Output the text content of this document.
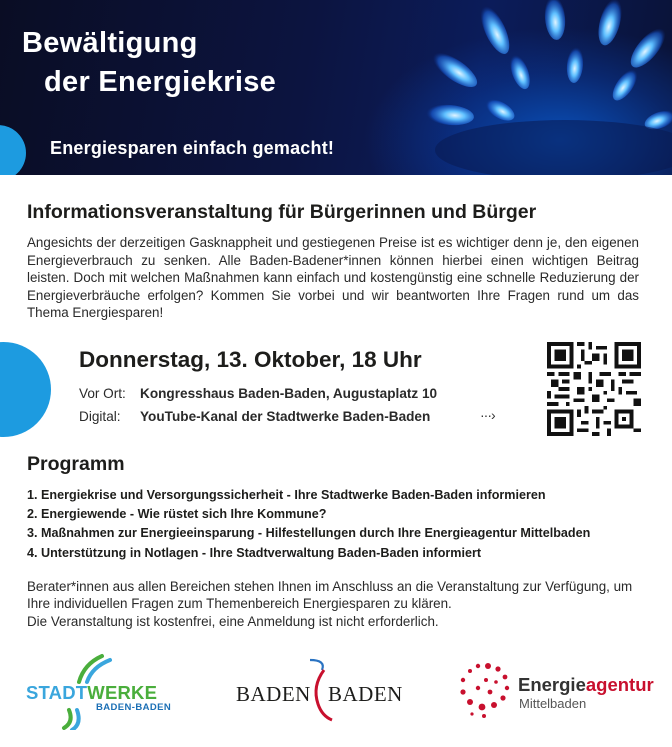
Bewältigung
der Energiekrise
Energiesparen einfach gemacht!
Informationsveranstaltung für Bürgerinnen und Bürger

Angesichts der derzeitigen Gasknappheit und gestiegenen Preise ist es wichtiger denn je, den eigenen Energieverbrauch zu senken. Alle Baden-Badener*innen können hierbei einen wichtigen Beitrag leisten. Doch mit welchen Maßnahmen kann einfach und kostengünstig eine schnelle Reduzierung der Energieverbräuche erfolgen? Kommen Sie vorbei und wir beantworten Ihre Fragen rund um das Thema Energiesparen!

Donnerstag, 13. Oktober, 18 Uhr
Vor Ort: Kongresshaus Baden-Baden, Augustaplatz 10
Digital: YouTube-Kanal der Stadtwerke Baden-Baden	···›
Programm
1. Energiekrise und Versorgungssicherheit - Ihre Stadtwerke Baden-Baden informieren
2. Energiewende - Wie rüstet sich Ihre Kommune?
3. Maßnahmen zur Energieeinsparung - Hilfestellungen durch Ihre Energieagentur Mittelbaden
4. Unterstützung in Notlagen - Ihre Stadtverwaltung Baden-Baden informiert

Berater*innen aus allen Bereichen stehen Ihnen im Anschluss an die Veranstaltung zur Verfügung, um Ihre individuellen Fragen zum Themenbereich Energiesparen zu klären.

Die Veranstaltung ist kostenfrei, eine Anmeldung ist nicht erforderlich.

STADTWERKE
BADEN-BADEN
BADEN BADEN	Energieagentur
Mittelbaden
